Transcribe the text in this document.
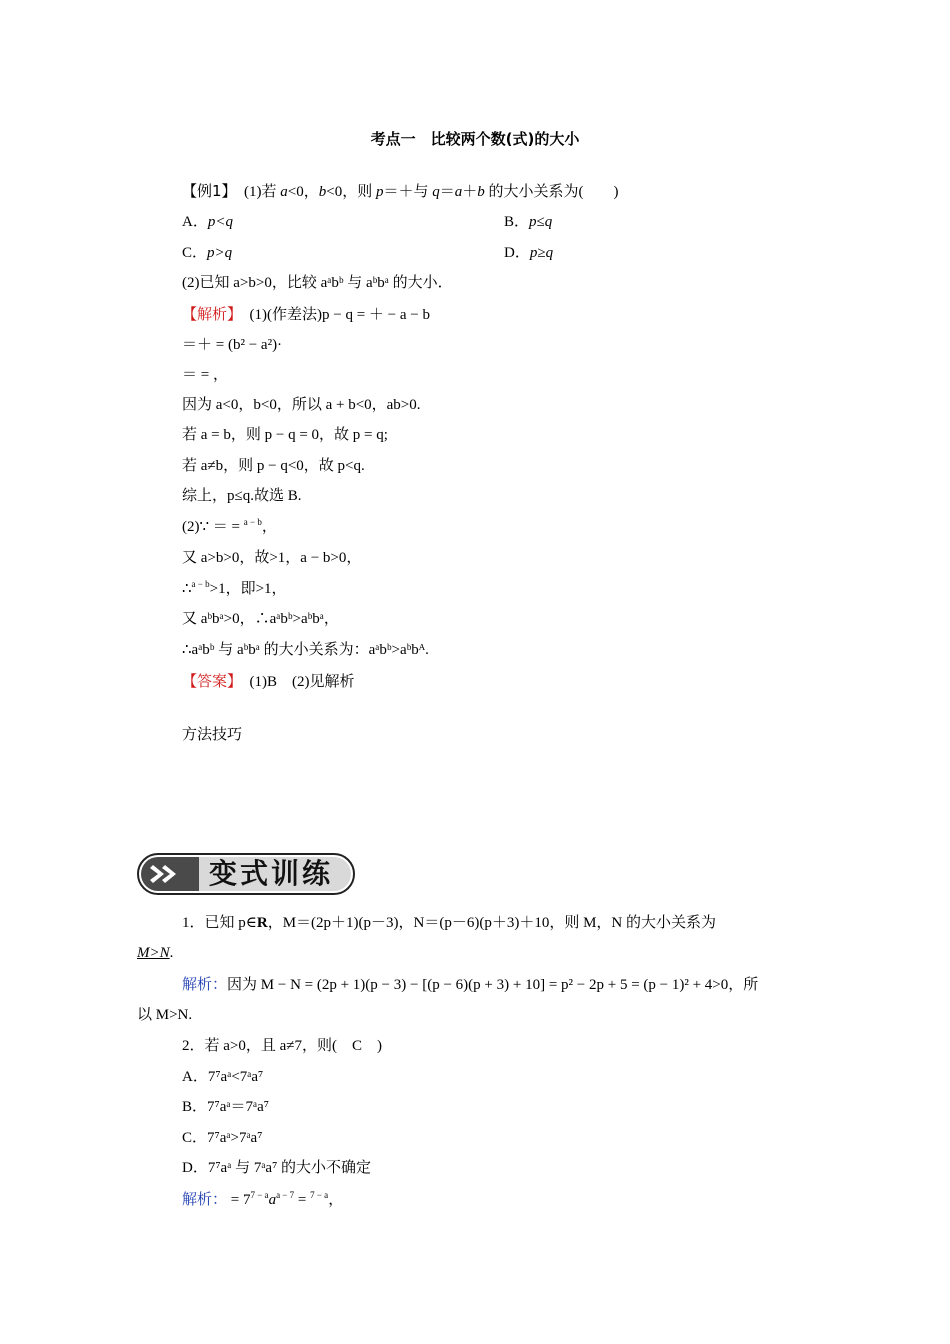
考点一　比较两个数(式)的大小
【例1】　(1)若 a<0，b<0，则 p＝＋与 q＝a＋b 的大小关系为(　　)
A．p<q	B．p≤q
C．p>q	D．p≥q
(2)已知 a>b>0，比较 aᵃbᵇ 与 aᵇbᵃ 的大小．
【解析】　(1)(作差法)p − q = ＋ − a − b
＝＋ = (b² − a²)·
＝ = ，
因为 a<0，b<0，所以 a + b<0，ab>0.
若 a = b，则 p − q = 0，故 p = q;
若 a≠b，则 p − q<0，故 p<q.
综上，p≤q.故选 B.
(2)∵ ＝ = $^{a - b}$，
又 a>b>0，故>1，a − b>0，
∴$^{a - b}$>1，即>1，
又 aᵇbᵃ>0，∴aᵃbᵇ>aᵇbᵃ，
∴aᵃbᵇ 与 aᵇbᵃ 的大小关系为：aᵃbᵇ>aᵇbᴬ.
【答案】　(1)B　(2)见解析
方法技巧
变式训练
1．已知 p∈R，M＝(2p＋1)(p－3)，N＝(p－6)(p＋3)＋10，则 M，N 的大小关系为
M>N.
解析：因为 M − N = (2p + 1)(p − 3) − [(p − 6)(p + 3) + 10] = p² − 2p + 5 = (p − 1)² + 4>0，所
以 M>N.
2．若 a>0，且 a≠7，则(　C　)
A．7⁷aᵃ<7ᵃa⁷
B．7⁷aᵃ＝7ᵃa⁷
C．7⁷aᵃ>7ᵃa⁷
D．7⁷aᵃ 与 7ᵃa⁷ 的大小不确定
解析： = $7^{7 - a}a^{a - 7} = ^{7 - a}$，
